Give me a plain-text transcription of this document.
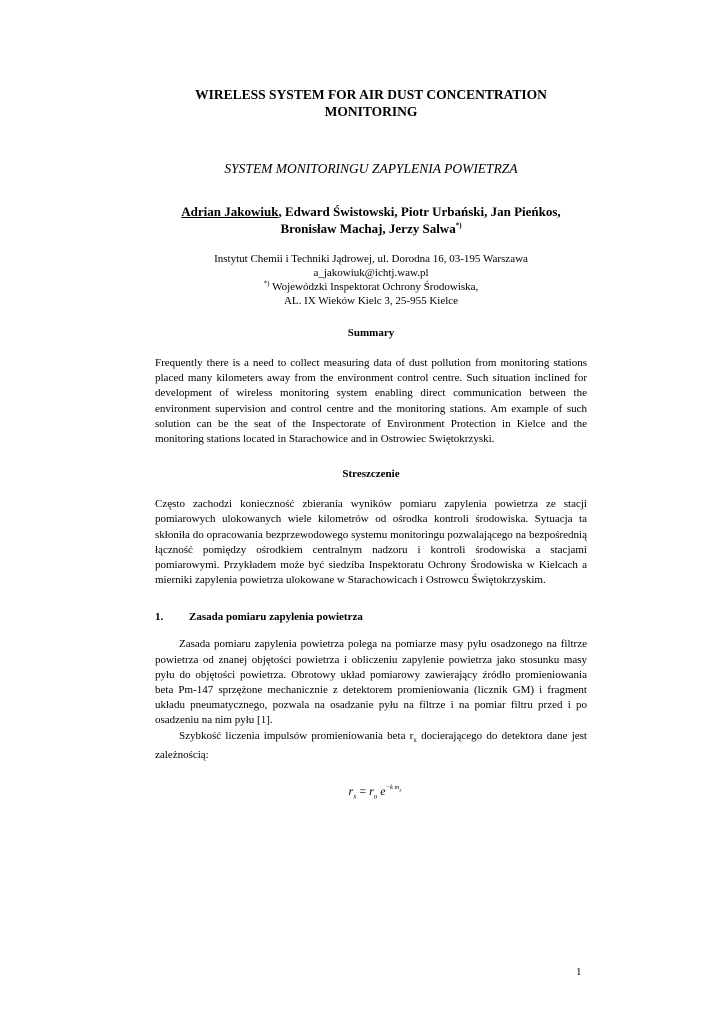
WIRELESS SYSTEM FOR AIR DUST CONCENTRATION
MONITORING

SYSTEM MONITORINGU ZAPYLENIA POWIETRZA

Adrian Jakowiuk, Edward Świstowski, Piotr Urbański, Jan Pieńkos,
Bronisław Machaj, Jerzy Salwa*)

Instytut Chemii i Techniki Jądrowej, ul. Dorodna 16, 03-195 Warszawa
a_jakowiuk@ichtj.waw.pl
*) Wojewódzki Inspektorat Ochrony Środowiska,
AL. IX Wieków Kielc 3, 25-955 Kielce

Summary

Frequently there is a need to collect measuring data of dust pollution from monitoring stations placed many kilometers away from the environment control centre. Such situation inclined for development of wireless monitoring system enabling direct communication between the environment supervision and control centre and the monitoring stations. Am example of such solution can be the seat of the Inspectorate of Environment Protection in Kielce and the monitoring stations located in Starachowice and in Ostrowiec Swiętokrzyski.

Streszczenie

Często zachodzi konieczność zbierania wyników pomiaru zapylenia powietrza ze stacji pomiarowych ulokowanych wiele kilometrów od ośrodka kontroli środowiska. Sytuacja ta skłoniła do opracowania bezprzewodowego systemu monitoringu pozwalającego na bezpośrednią łączność pomiędzy ośrodkiem centralnym nadzoru i kontroli środowiska a stacjami pomiarowymi. Przykładem może być siedziba Inspektoratu Ochrony Środowiska w Kielcach a mierniki zapylenia powietrza ulokowane w Starachowicach i Ostrowcu Świętokrzyskim.

1.	Zasada pomiaru zapylenia powietrza

Zasada pomiaru zapylenia powietrza polega na pomiarze masy pyłu osadzonego na filtrze powietrza od znanej objętości powietrza i obliczeniu zapylenie powietrza jako stosunku masy pyłu do objętości powietrza. Obrotowy układ pomiarowy zawierający źródło promieniowania beta Pm-147 sprzężone mechanicznie z detektorem promieniowania (licznik GM) i fragment układu pneumatycznego, pozwala na osadzanie pyłu na filtrze i na pomiar filtru przed i po osadzeniu na nim pyłu [1].

Szybkość liczenia impulsów promieniowania beta $r_x$ docierającego do detektora dane jest zależnością:

$r_x = r_o$ $e^{-k m_x}$

1
